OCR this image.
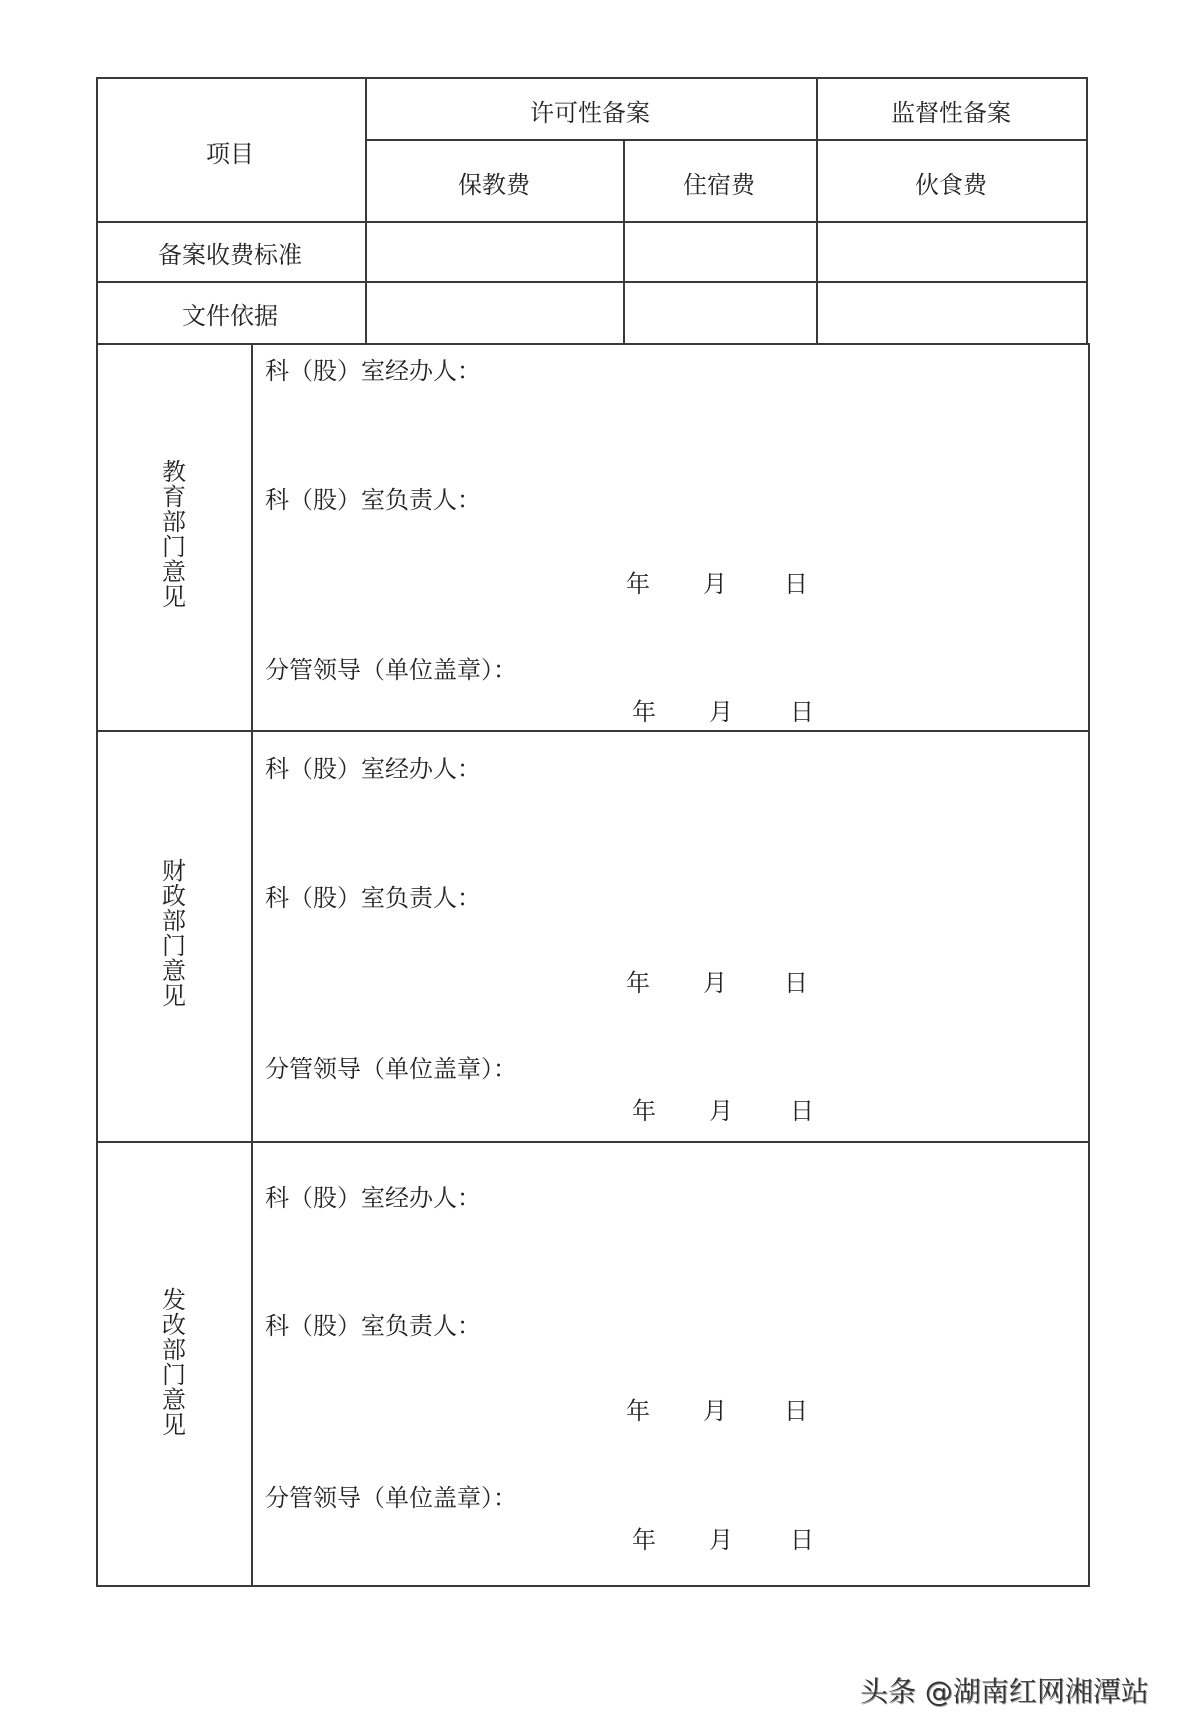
项目
许可性备案	监督性备案
保教费	住宿费	伙食费
备案收费标准
文件依据
教育部门意见
科（股）室经办人：
科（股）室负责人：
年 月 日
分管领导（单位盖章）：
年 月 日
财政部门意见
科（股）室经办人：
科（股）室负责人：
年 月 日
分管领导（单位盖章）：
年 月 日
发改部门意见
科（股）室经办人：
科（股）室负责人：
年 月 日
分管领导（单位盖章）：
年 月 日
头条 @湖南红网湘潭站
